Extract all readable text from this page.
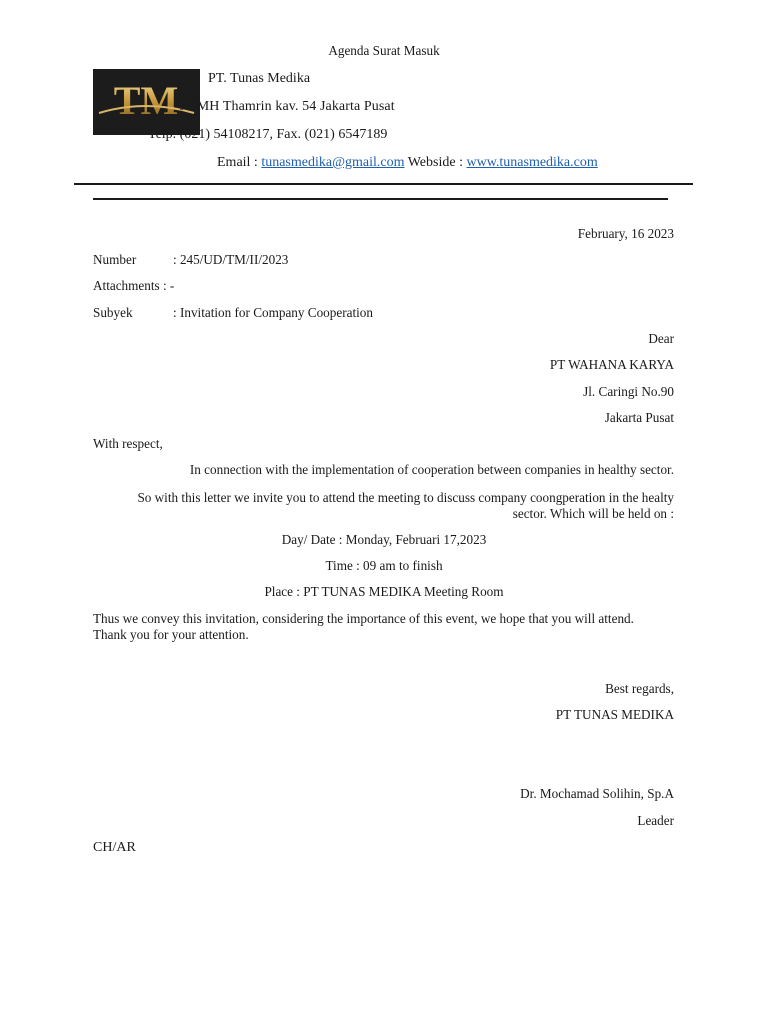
Agenda Surat Masuk
TM PT. Tunas Medika
Jl. MH Thamrin kav. 54 Jakarta Pusat
Telp. (021) 54108217, Fax. (021) 6547189
Email : tunasmedika@gmail.com Webside : www.tunasmedika.com
February, 16 2023
Number	: 245/UD/TM/II/2023
Attachments : -
Subyek	: Invitation for Company Cooperation
Dear
PT WAHANA KARYA
Jl. Caringi No.90
Jakarta Pusat
With respect,
In connection with the implementation of cooperation between companies in healthy sector.
So with this letter we invite you to attend the meeting to discuss company coongperation in the healty
sector. Which will be held on :
Day/ Date : Monday, Februari 17,2023
Time : 09 am to finish
Place : PT TUNAS MEDIKA Meeting Room
Thus we convey this invitation, considering the importance of this event, we hope that you will attend.
Thank you for your attention.
Best regards,
PT TUNAS MEDIKA
Dr. Mochamad Solihin, Sp.A
Leader
CH/AR
